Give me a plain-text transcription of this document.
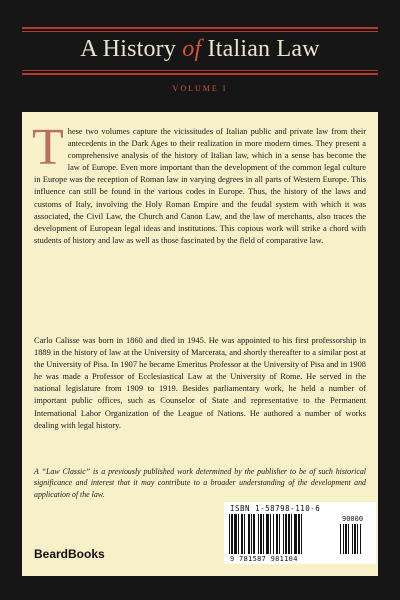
A History of Italian Law
VOLUME I

These two volumes capture the vicissitudes of Italian public and private law from their antecedents in the Dark Ages to their realization in more modern times. They present a comprehensive analysis of the history of Italian law, which in a sense has become the law of Europe. Even more important than the development of the common legal culture in Europe was the reception of Roman law in varying degrees in all parts of Western Europe. This influence can still be found in the various codes in Europe. Thus, the history of the laws and customs of Italy, involving the Holy Roman Empire and the feudal system with which it was associated, the Civil Law, the Church and Canon Law, and the law of merchants, also traces the development of European legal ideas and institutions. This copious work will strike a chord with students of history and law as well as those fascinated by the field of comparative law.

Carlo Calisse was born in 1860 and died in 1945. He was appointed to his first professorship in 1889 in the history of law at the University of Marcerata, and shortly thereafter to a similar post at the University of Pisa. In 1907 he became Emeritus Professor at the University of Pisa and in 1908 he was made a Professor of Ecclesiastical Law at the University of Rome. He served in the national legislature from 1909 to 1919. Besides parliamentary work, he held a number of important public offices, such as Counselor of State and representative to the Permanent International Labor Organization of the League of Nations. He authored a number of works dealing with legal history.

A “Law Classic” is a previously published work determined by the publisher to be of such historical significance and interest that it may contribute to a broader understanding of the development and application of the law.

BeardBooks
ISBN 1-58798-110-6
90000
9 781587 981104
